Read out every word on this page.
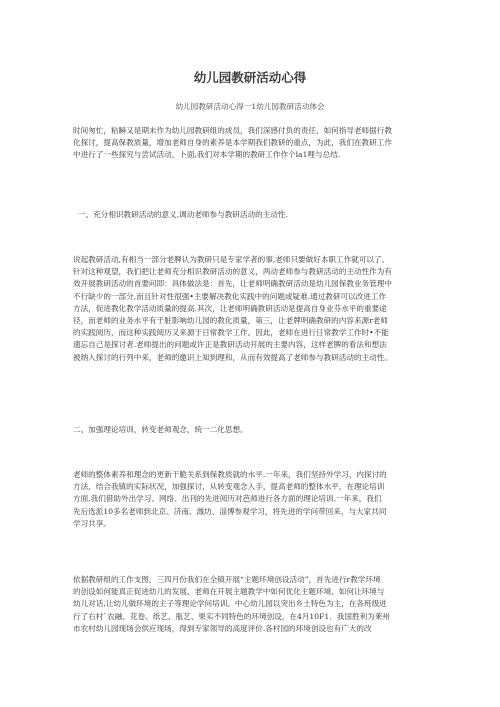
幼儿园教研活动心得
幼儿园教研活动心得一1幼儿园教研活动体会
时间匆忙，粘瞬又是期末作为幼儿园教研组的成员，我们深感付负的责任，如何指导老师据行教
化探讨，提高保教质量，增加老师自身的素养是本学期我们教研的重点，为此，我们在教研工作
中进行了一些探究与尝试活动，卜面,我们对本学期的教研工作作个la1哩与总结.
一、充分相识教研活动的意义,调动老师参与教研活动的主动性.
说起教研活动,有相当一部分老脾认为教研只是专家学者的事,老师只要做好本职工作就可以了。
针对这种观望，我们把让老师充分相识教研活动的意义，两动老师参与教研活动的主动性作为有
效开展教研活动的首要问即：具体做法是：首先，让老师明确教研活动是幼儿园保教业务管理中
不行缺少的一部分,而且针对性很强•主要解决教化实践中的问题或疑难.通过教研可以改进工作
方法，促进教化教学活动质量的提高.其次，让老师明确教研活动是提高自身业芬水平的重要途
径，而老师的业务水平有于脏影响幼儿园的教化质量，第三，让老牌明确教研的内容来源r老师
的实践阅历，而这种实践阅历又来源于日常教学工作。因此，老师在进行日常教学工作时•不能
遗忘自己是探讨者.老师提出的问题或许正是教研活动开展的主要内容，这样老脾的看法和想法
被纳入探讨的行列中来，老师的邀识上知到理和，从而有效提高了老师参与教研活动的主动性。
二、加强理论培训，转变老师观念，统一二化思想。
老师的整体素养和理念的更新干脆关系到保教质就的水平.一年来，我们坚持外学习、内探讨的
方法，结合我镇的实际状况，加强探讨，从转变观念入手，提高老师的整体水平，在理论培训
方面,我们借助外出学习、网络、出刊的先进阅历对芭师进行各方面的理论培训.一年来，我们
先后选派10多名老师到北京、济南、潍坊、淄博参观学习，将先进的学问带回来，与大家共同
学习共享。
依据教研组的工作支图，三四月份我们在全镇开展“主题环境创设活动”，首先进行r教学环境
的创设如何能真正促进幼儿的发展、老师在开展主题教学中如何优化主题环境、如何让环境与
幼儿对话,让幼儿做环境的主子等理论学问培训。中心幼儿园以突出乡土特色为主，在各班级进
行了右村`农融、花卷、纸艺、瓶艺、果实不同特色的环境创设，在4月10F1．我国胜利为莱州
市农村幼儿园现场会供应现场，得到专家领导的高度评价.各村园的环境创设也有广大的改
